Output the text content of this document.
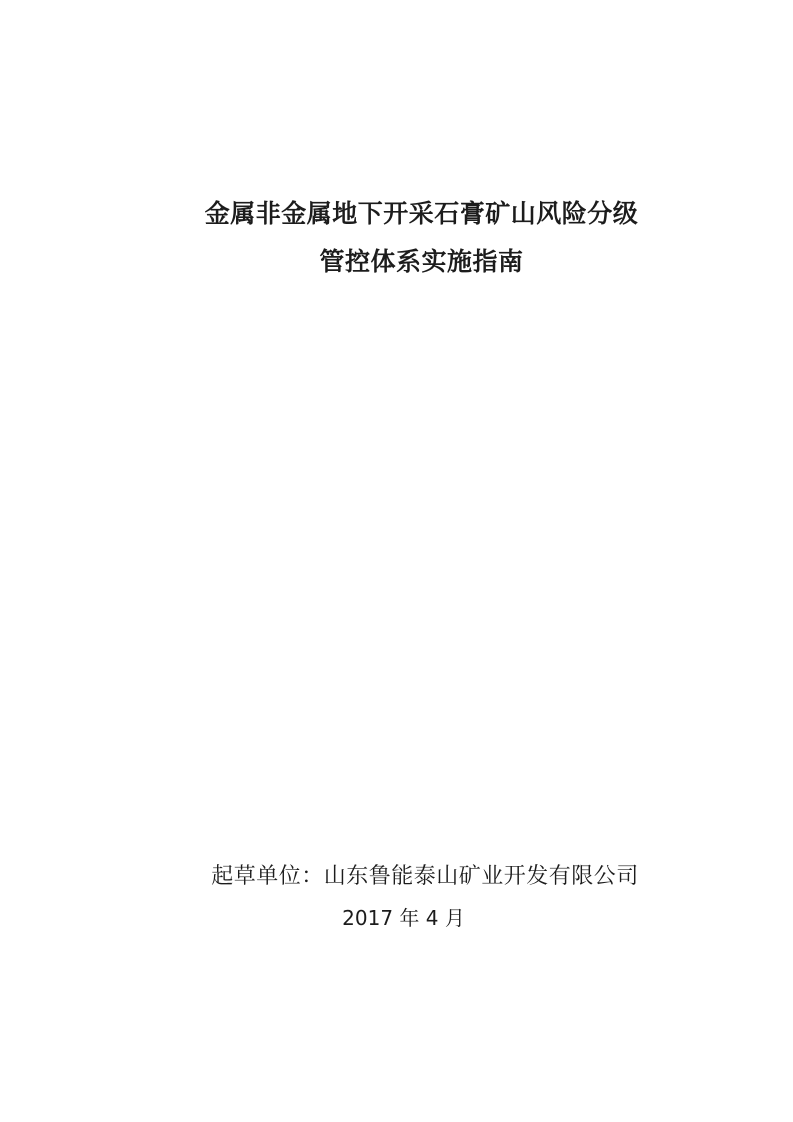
金属非金属地下开采石膏矿山风险分级
管控体系实施指南
起草单位：山东鲁能泰山矿业开发有限公司
2017 年 4 月
